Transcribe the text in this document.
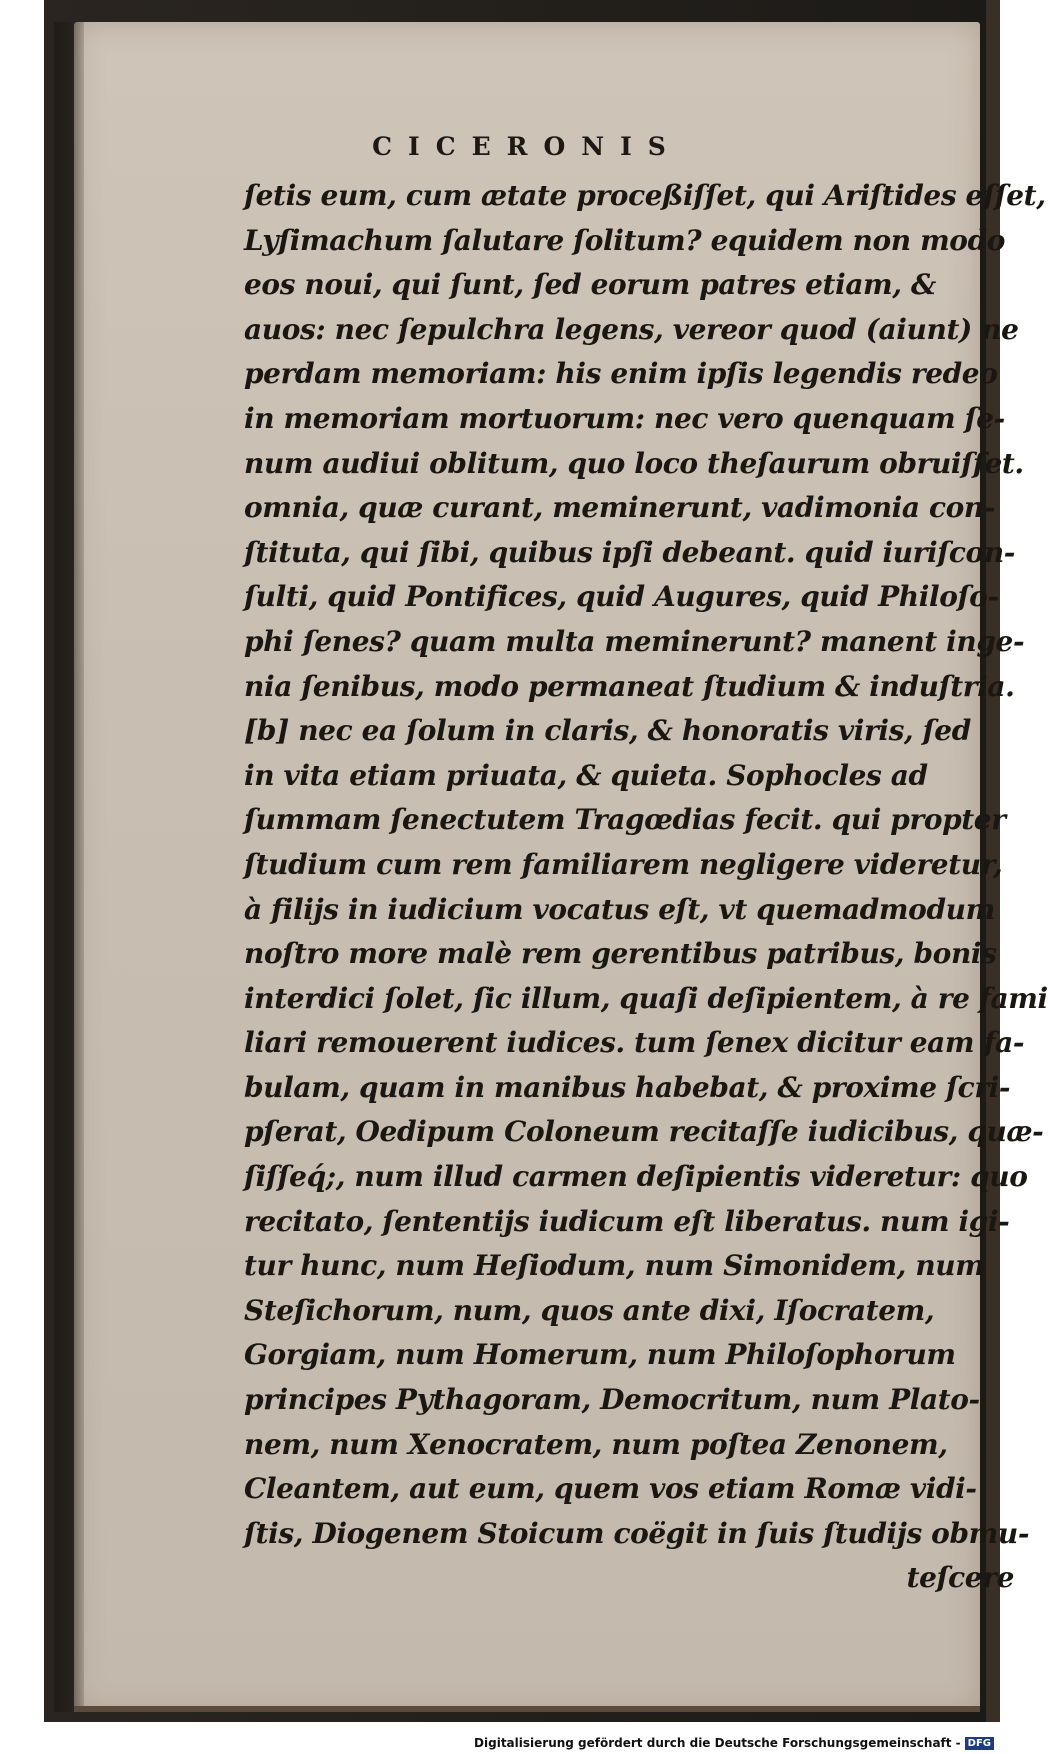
CICERONIS
ſetis eum, cum ætate proceßiſſet, qui Ariſtides eſſet,
Lyſimachum ſalutare ſolitum? equidem non modo
eos noui, qui ſunt, ſed eorum patres etiam, &
auos: nec ſepulchra legens, vereor quod (aiunt) ne
perdam memoriam: his enim ipſis legendis redeo
in memoriam mortuorum: nec vero quenquam ſe-
num audiui oblitum, quo loco theſaurum obruiſſet.
omnia, quæ curant, meminerunt, vadimonia con-
ſtituta, qui ſibi, quibus ipſi debeant. quid iuriſcon-
ſulti, quid Pontifices, quid Augures, quid Philoſo-
phi ſenes? quam multa meminerunt? manent inge-
nia ſenibus, modo permaneat ſtudium & induſtria.
[b] nec ea ſolum in claris, & honoratis viris, ſed
in vita etiam priuata, & quieta. Sophocles ad
ſummam ſenectutem Tragœdias fecit. qui propter
ſtudium cum rem familiarem negligere videretur,
à filijs in iudicium vocatus eſt, vt quemadmodum
noſtro more malè rem gerentibus patribus, bonis
interdici ſolet, ſic illum, quaſi deſipientem, à re fami
liari remouerent iudices. tum ſenex dicitur eam fa-
bulam, quam in manibus habebat, & proxime ſcri-
pſerat, Oedipum Coloneum recitaſſe iudicibus, quæ-
ſiſſeq́;, num illud carmen deſipientis videretur: quo
recitato, ſententijs iudicum eſt liberatus. num igi-
tur hunc, num Heſiodum, num Simonidem, num
Steſichorum, num, quos ante dixi, Iſocratem,
Gorgiam, num Homerum, num Philoſophorum
principes Pythagoram, Democritum, num Plato-
nem, num Xenocratem, num poſtea Zenonem,
Cleantem, aut eum, quem vos etiam Romæ vidi-
ſtis, Diogenem Stoicum coëgit in ſuis ſtudijs obmu-
teſcere
Digitalisierung gefördert durch die Deutsche Forschungsgemeinschaft - DFG
